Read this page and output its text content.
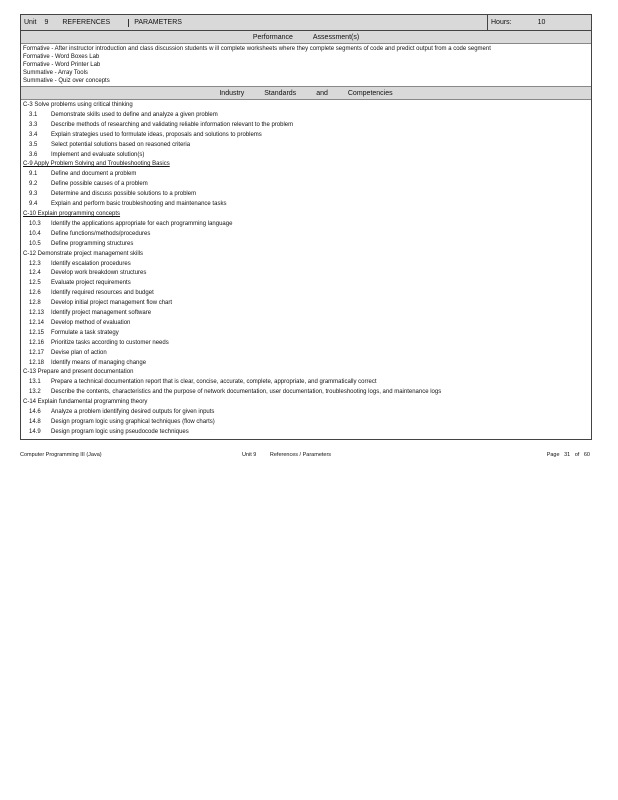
Unit 9 REFERENCES	PARAMETERS	Hours:	10
Performance	Assessment(s)
Formative - After instructor introduction and class discussion students w ill complete worksheets where they complete segments of code and predict output from a code segment
Formative - Word Boxes Lab
Formative - Word Printer Lab
Summative - Array Tools
Summative - Quiz over concepts
Industry	Standards	and	Competencies
C-3 Solve problems using critical thinking
3.1 Demonstrate skills used to define and analyze a given problem
3.3 Describe methods of researching and validating reliable information relevant to the problem
3.4 Explain strategies used to formulate ideas, proposals and solutions to problems
3.5 Select potential solutions based on reasoned criteria
3.6 Implement and evaluate solution(s)
C-9 Apply Problem Solving and Troubleshooting Basics
9.1 Define and document a problem
9.2 Define possible causes of a problem
9.3 Determine and discuss possible solutions to a problem
9.4 Explain and perform basic troubleshooting and maintenance tasks
C-10 Explain programming concepts
10.3 Identify the applications appropriate for each programming language
10.4 Define functions/methods/procedures
10.5 Define programming structures
C-12 Demonstrate project management skills
12.3 Identify escalation procedures
12.4 Develop work breakdown structures
12.5 Evaluate project requirements
12.6 Identify required resources and budget
12.8 Develop initial project management flow chart
12.13 Identify project management software
12.14 Develop method of evaluation
12.15 Formulate a task strategy
12.16 Prioritize tasks according to customer needs
12.17 Devise plan of action
12.18 Identify means of managing change
C-13 Prepare and present documentation
13.1 Prepare a technical documentation report that is clear, concise, accurate, complete, appropriate, and grammatically correct
13.2 Describe the contents, characteristics and the purpose of network documentation, user documentation, troubleshooting logs, and maintenance logs
C-14 Explain fundamental programming theory
14.6 Analyze a problem identifying desired outputs for given inputs
14.8 Design program logic using graphical techniques (flow charts)
14.9 Design program logic using pseudocode techniques
Computer Programming III (Java)	Unit 9 References / Parameters	Page 31 of 60
